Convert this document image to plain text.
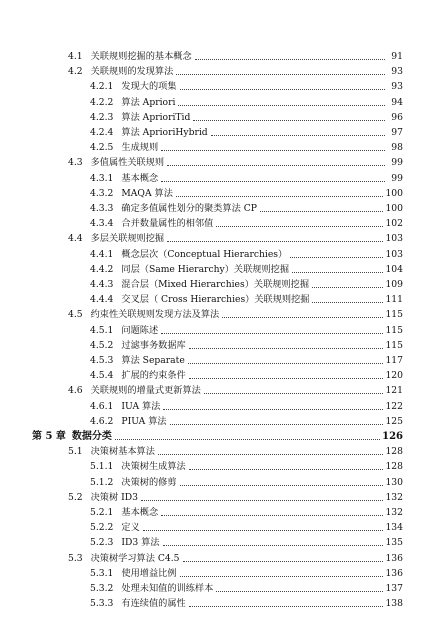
4.1 关联规则挖掘的基本概念	91
4.2 关联规则的发现算法	93
4.2.1 发现大的项集	93
4.2.2 算法 Apriori	94
4.2.3 算法 AprioriTid	96
4.2.4 算法 AprioriHybrid	97
4.2.5 生成规则	98
4.3 多值属性关联规则	99
4.3.1 基本概念	99
4.3.2 MAQA 算法	100
4.3.3 确定多值属性划分的聚类算法 CP	100
4.3.4 合并数量属性的相邻值	102
4.4 多层关联规则挖掘	103
4.4.1 概念层次（Conceptual Hierarchies）	103
4.4.2 同层（Same Hierarchy）关联规则挖掘	104
4.4.3 混合层（Mixed Hierarchies）关联规则挖掘	109
4.4.4 交叉层（ Cross Hierarchies）关联规则挖掘	111
4.5 约束性关联规则发现方法及算法	115
4.5.1 问题陈述	115
4.5.2 过滤事务数据库	115
4.5.3 算法 Separate	117
4.5.4 扩展的约束条件	120
4.6 关联规则的增量式更新算法	121
4.6.1 IUA 算法	122
4.6.2 PIUA 算法	125
第 5 章 数据分类	126
5.1 决策树基本算法	128
5.1.1 决策树生成算法	128
5.1.2 决策树的修剪	130
5.2 决策树 ID3	132
5.2.1 基本概念	132
5.2.2 定义	134
5.2.3 ID3 算法	135
5.3 决策树学习算法 C4.5	136
5.3.1 使用增益比例	136
5.3.2 处理未知值的训练样本	137
5.3.3 有连续值的属性	138
